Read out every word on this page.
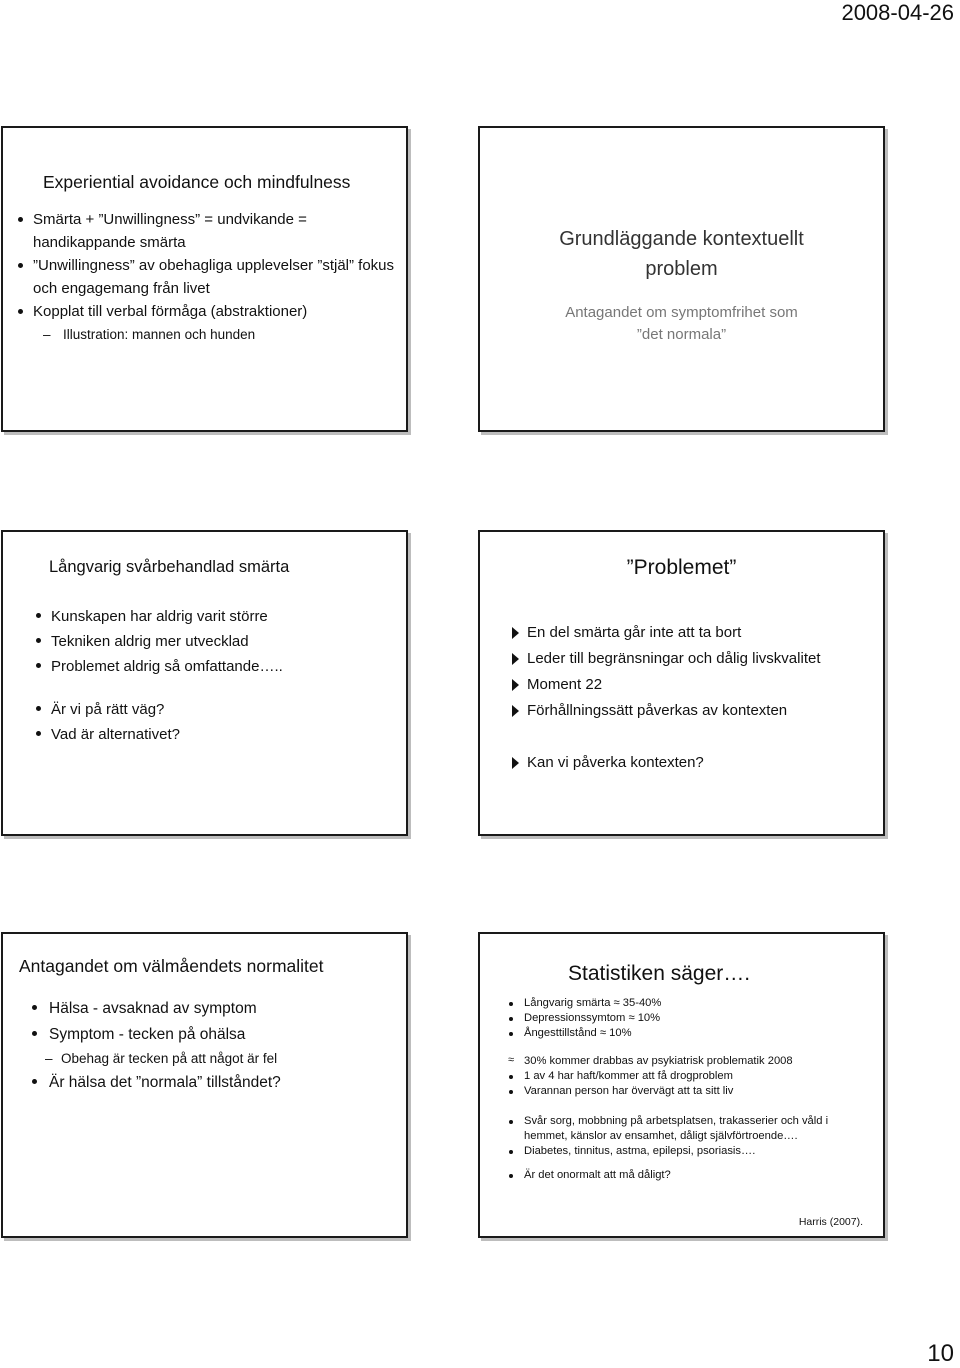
2008-04-26
Experiential avoidance och mindfulness
Smärta + ”Unwillingness” = undvikande = handikappande smärta
”Unwillingness” av obehagliga upplevelser ”stjäl” fokus och engagemang från livet
Kopplat till verbal förmåga (abstraktioner)
– Illustration: mannen och hunden
Grundläggande kontextuellt
problem
Antagandet om symptomfrihet som
”det normala”
Långvarig svårbehandlad smärta
Kunskapen har aldrig varit större
Tekniken aldrig mer utvecklad
Problemet aldrig så omfattande…..
Är vi på rätt väg?
Vad är alternativet?
”Problemet”
En del smärta går inte att ta bort
Leder till begränsningar och dålig livskvalitet
Moment 22
Förhållningssätt påverkas av kontexten
Kan vi påverka kontexten?
Antagandet om välmåendets normalitet
Hälsa - avsaknad av symptom
Symptom - tecken på ohälsa
– Obehag är tecken på att något är fel
Är hälsa det ”normala” tillståndet?
Statistiken säger….
Långvarig smärta ≈ 35-40%
Depressionssymtom ≈ 10%
Ångesttillstånd ≈ 10%
≈ 30% kommer drabbas av psykiatrisk problematik 2008
1 av 4 har haft/kommer att få drogproblem
Varannan person har övervägt att ta sitt liv
Svår sorg, mobbning på arbetsplatsen, trakasserier och våld i hemmet, känslor av ensamhet, dåligt självförtroende….
Diabetes, tinnitus, astma, epilepsi, psoriasis….
Är det onormalt att må dåligt?
Harris (2007).
10
